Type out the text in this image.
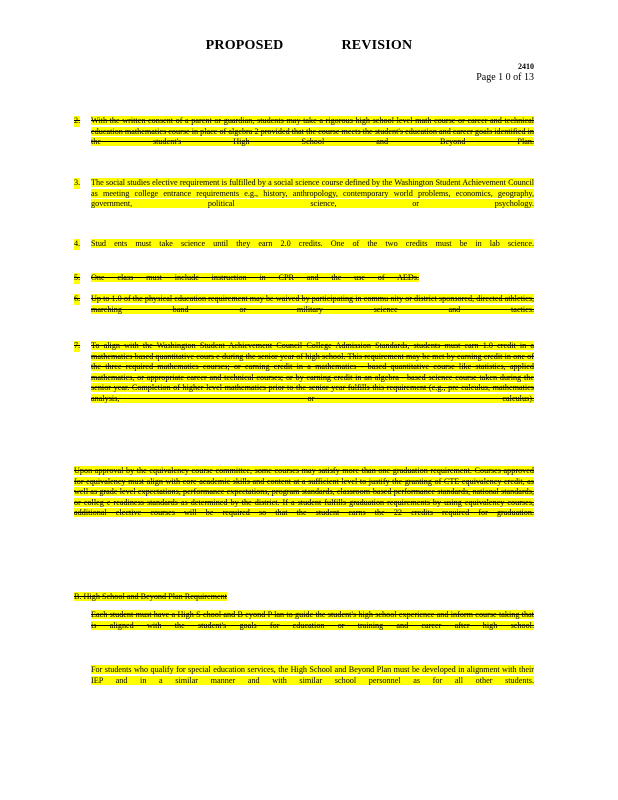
PROPOSED	REVISION
2410
Page 1 0 of 13
2. With the written consent of a parent or guardian, students may take a rigorous high school level math course or career and technical education mathematics course in place of algebra 2 provided that the course meets the student's education and career goals identified in the student's High School and Beyond Plan.
3. The social studies elective requirement is fulfilled by a social science course defined by the Washington Student Achievement Council as meeting college entrance requirements e.g., history, anthropology, contemporary world problems, economics, geography, government, political science, or psychology.
4. Stud ents must take science until they earn 2.0 credits. One of the two credits must be in lab science.
5. One class must include instruction in CPR and the use of AEDs.
6. Up to 1.0 of the physical education requirement may be waived by participating in commu nity or district sponsored, directed athletics, marching band or military science and tactics.
7. To align with the Washington Student Achievement Council College Admission Standards, students must earn 1.0 credit in a mathematics based quantitative cours e during the senior year of high school. This requirement may be met by earning credit in one of the three required mathematics courses; or earning credit in a mathematics - based quantitative course like statistics, applied mathematics, or appropriate career and technical courses; or by earning credit in an algebra - based science course taken during the senior year. Completion of higher level mathematics prior to the senior year fulfills this requirement (e.g., pre calculus, mathematics analysis, or calculus).
Upon approval by the equivalency course committee, some courses may satisfy more than one graduation requirement. Courses approved for equivalency must align with core academic skills and content at a sufficient level to justify the granting of CTE equivalency credit, as well as grade level expectations, performance expectations, program standards, classroom-based performance standards, national standards, or colleg e readiness standards as determined by the district. If a student fulfills graduation requirements by using equivalency courses, additional elective courses will be required so that the student earns the 22 credits required for graduation.
B. High School and Beyond Plan Requirement
Each student must have a High S chool and B eyond P lan to guide the student's high school experience and inform course taking that is aligned with the student's goals for education or training and career after high school.
For students who qualify for special education services, the High School and Beyond Plan must be developed in alignment with their IEP and in a similar manner and with similar school personnel as for all other students.
